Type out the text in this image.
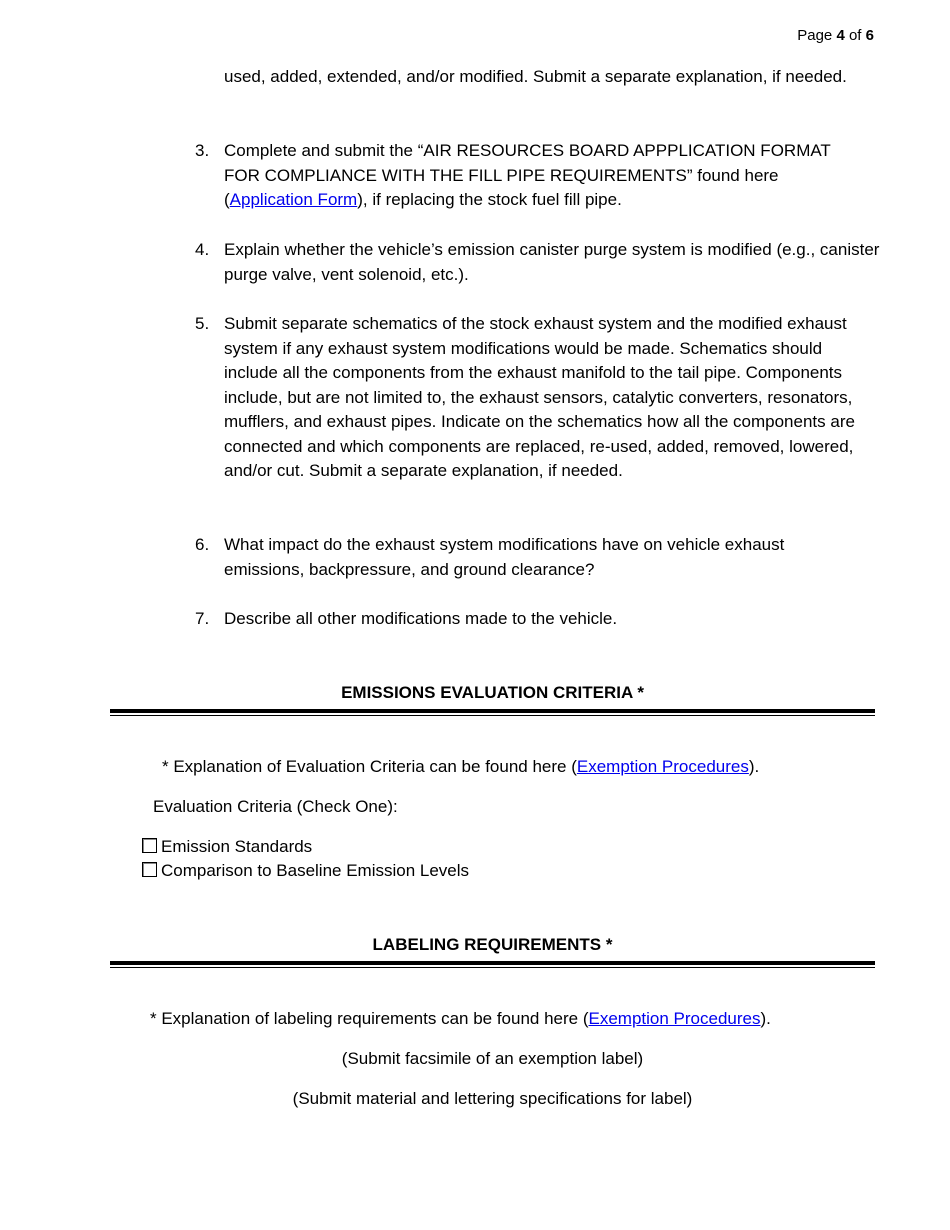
Page 4 of 6
used, added, extended, and/or modified. Submit a separate explanation, if needed.
3. Complete and submit the “AIR RESOURCES BOARD APPPLICATION FORMAT FOR COMPLIANCE WITH THE FILL PIPE REQUIREMENTS” found here (Application Form), if replacing the stock fuel fill pipe.
4. Explain whether the vehicle’s emission canister purge system is modified (e.g., canister purge valve, vent solenoid, etc.).
5. Submit separate schematics of the stock exhaust system and the modified exhaust system if any exhaust system modifications would be made. Schematics should include all the components from the exhaust manifold to the tail pipe. Components include, but are not limited to, the exhaust sensors, catalytic converters, resonators, mufflers, and exhaust pipes. Indicate on the schematics how all the components are connected and which components are replaced, re-used, added, removed, lowered, and/or cut. Submit a separate explanation, if needed.
6. What impact do the exhaust system modifications have on vehicle exhaust emissions, backpressure, and ground clearance?
7. Describe all other modifications made to the vehicle.
EMISSIONS EVALUATION CRITERIA *
* Explanation of Evaluation Criteria can be found here (Exemption Procedures).
Evaluation Criteria (Check One):
Emission Standards
Comparison to Baseline Emission Levels
LABELING REQUIREMENTS *
* Explanation of labeling requirements can be found here (Exemption Procedures).
(Submit facsimile of an exemption label)
(Submit material and lettering specifications for label)
